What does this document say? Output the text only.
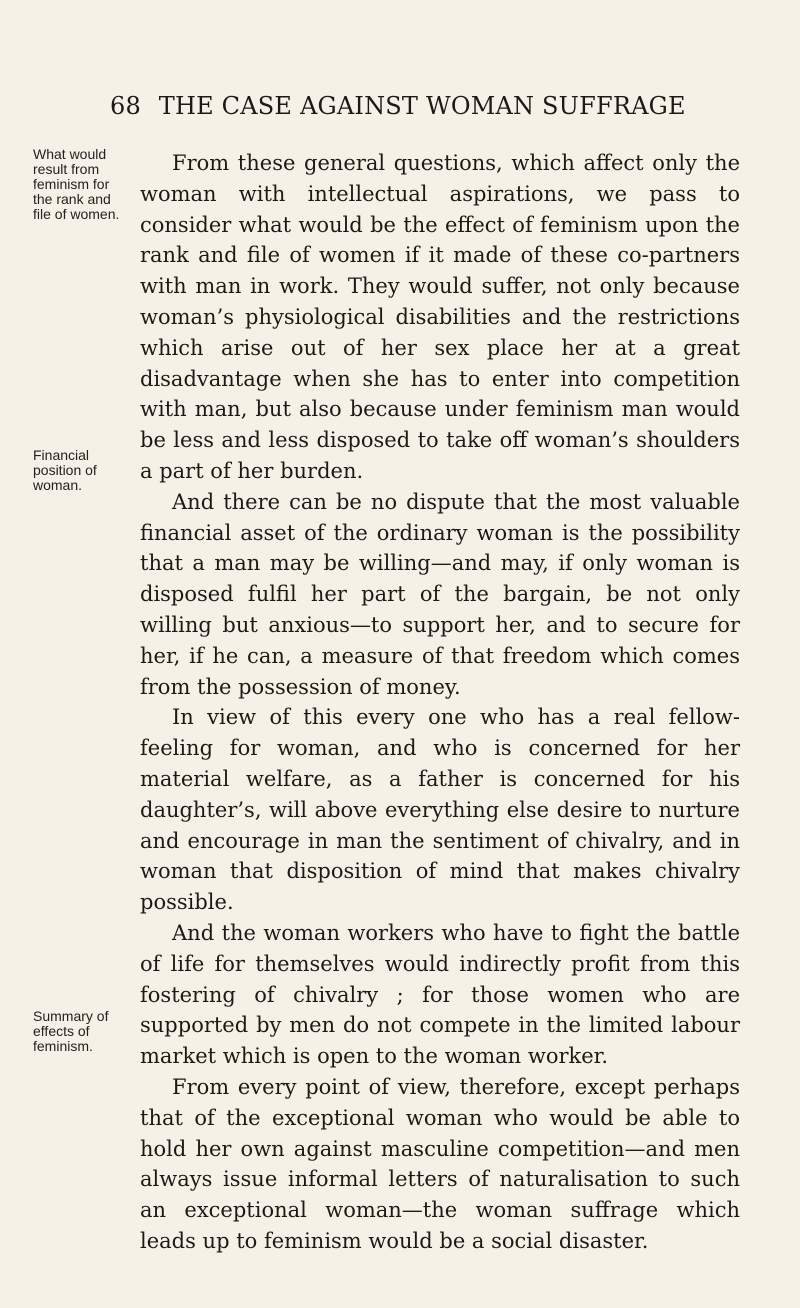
68 THE CASE AGAINST WOMAN SUFFRAGE
What would result from feminism for the rank and file of women.
Financial position of woman.
Summary of effects of feminism.

From these general questions, which affect only the woman with intellectual aspirations, we pass to consider what would be the effect of feminism upon the rank and file of women if it made of these co-partners with man in work. They would suffer, not only because woman’s physiological disabilities and the restrictions which arise out of her sex place her at a great disadvantage when she has to enter into competition with man, but also because under feminism man would be less and less disposed to take off woman’s shoulders a part of her burden.

And there can be no dispute that the most valuable financial asset of the ordinary woman is the possibility that a man may be willing—and may, if only woman is disposed fulfil her part of the bargain, be not only willing but anxious—to support her, and to secure for her, if he can, a measure of that freedom which comes from the possession of money.

In view of this every one who has a real fellow-feeling for woman, and who is concerned for her material welfare, as a father is concerned for his daughter’s, will above everything else desire to nurture and encourage in man the sentiment of chivalry, and in woman that disposition of mind that makes chivalry possible.

And the woman workers who have to fight the battle of life for themselves would indirectly profit from this fostering of chivalry ; for those women who are supported by men do not compete in the limited labour market which is open to the woman worker.

From every point of view, therefore, except perhaps that of the exceptional woman who would be able to hold her own against masculine competition—and men always issue informal letters of naturalisation to such an exceptional woman—the woman suffrage which leads up to feminism would be a social disaster.
